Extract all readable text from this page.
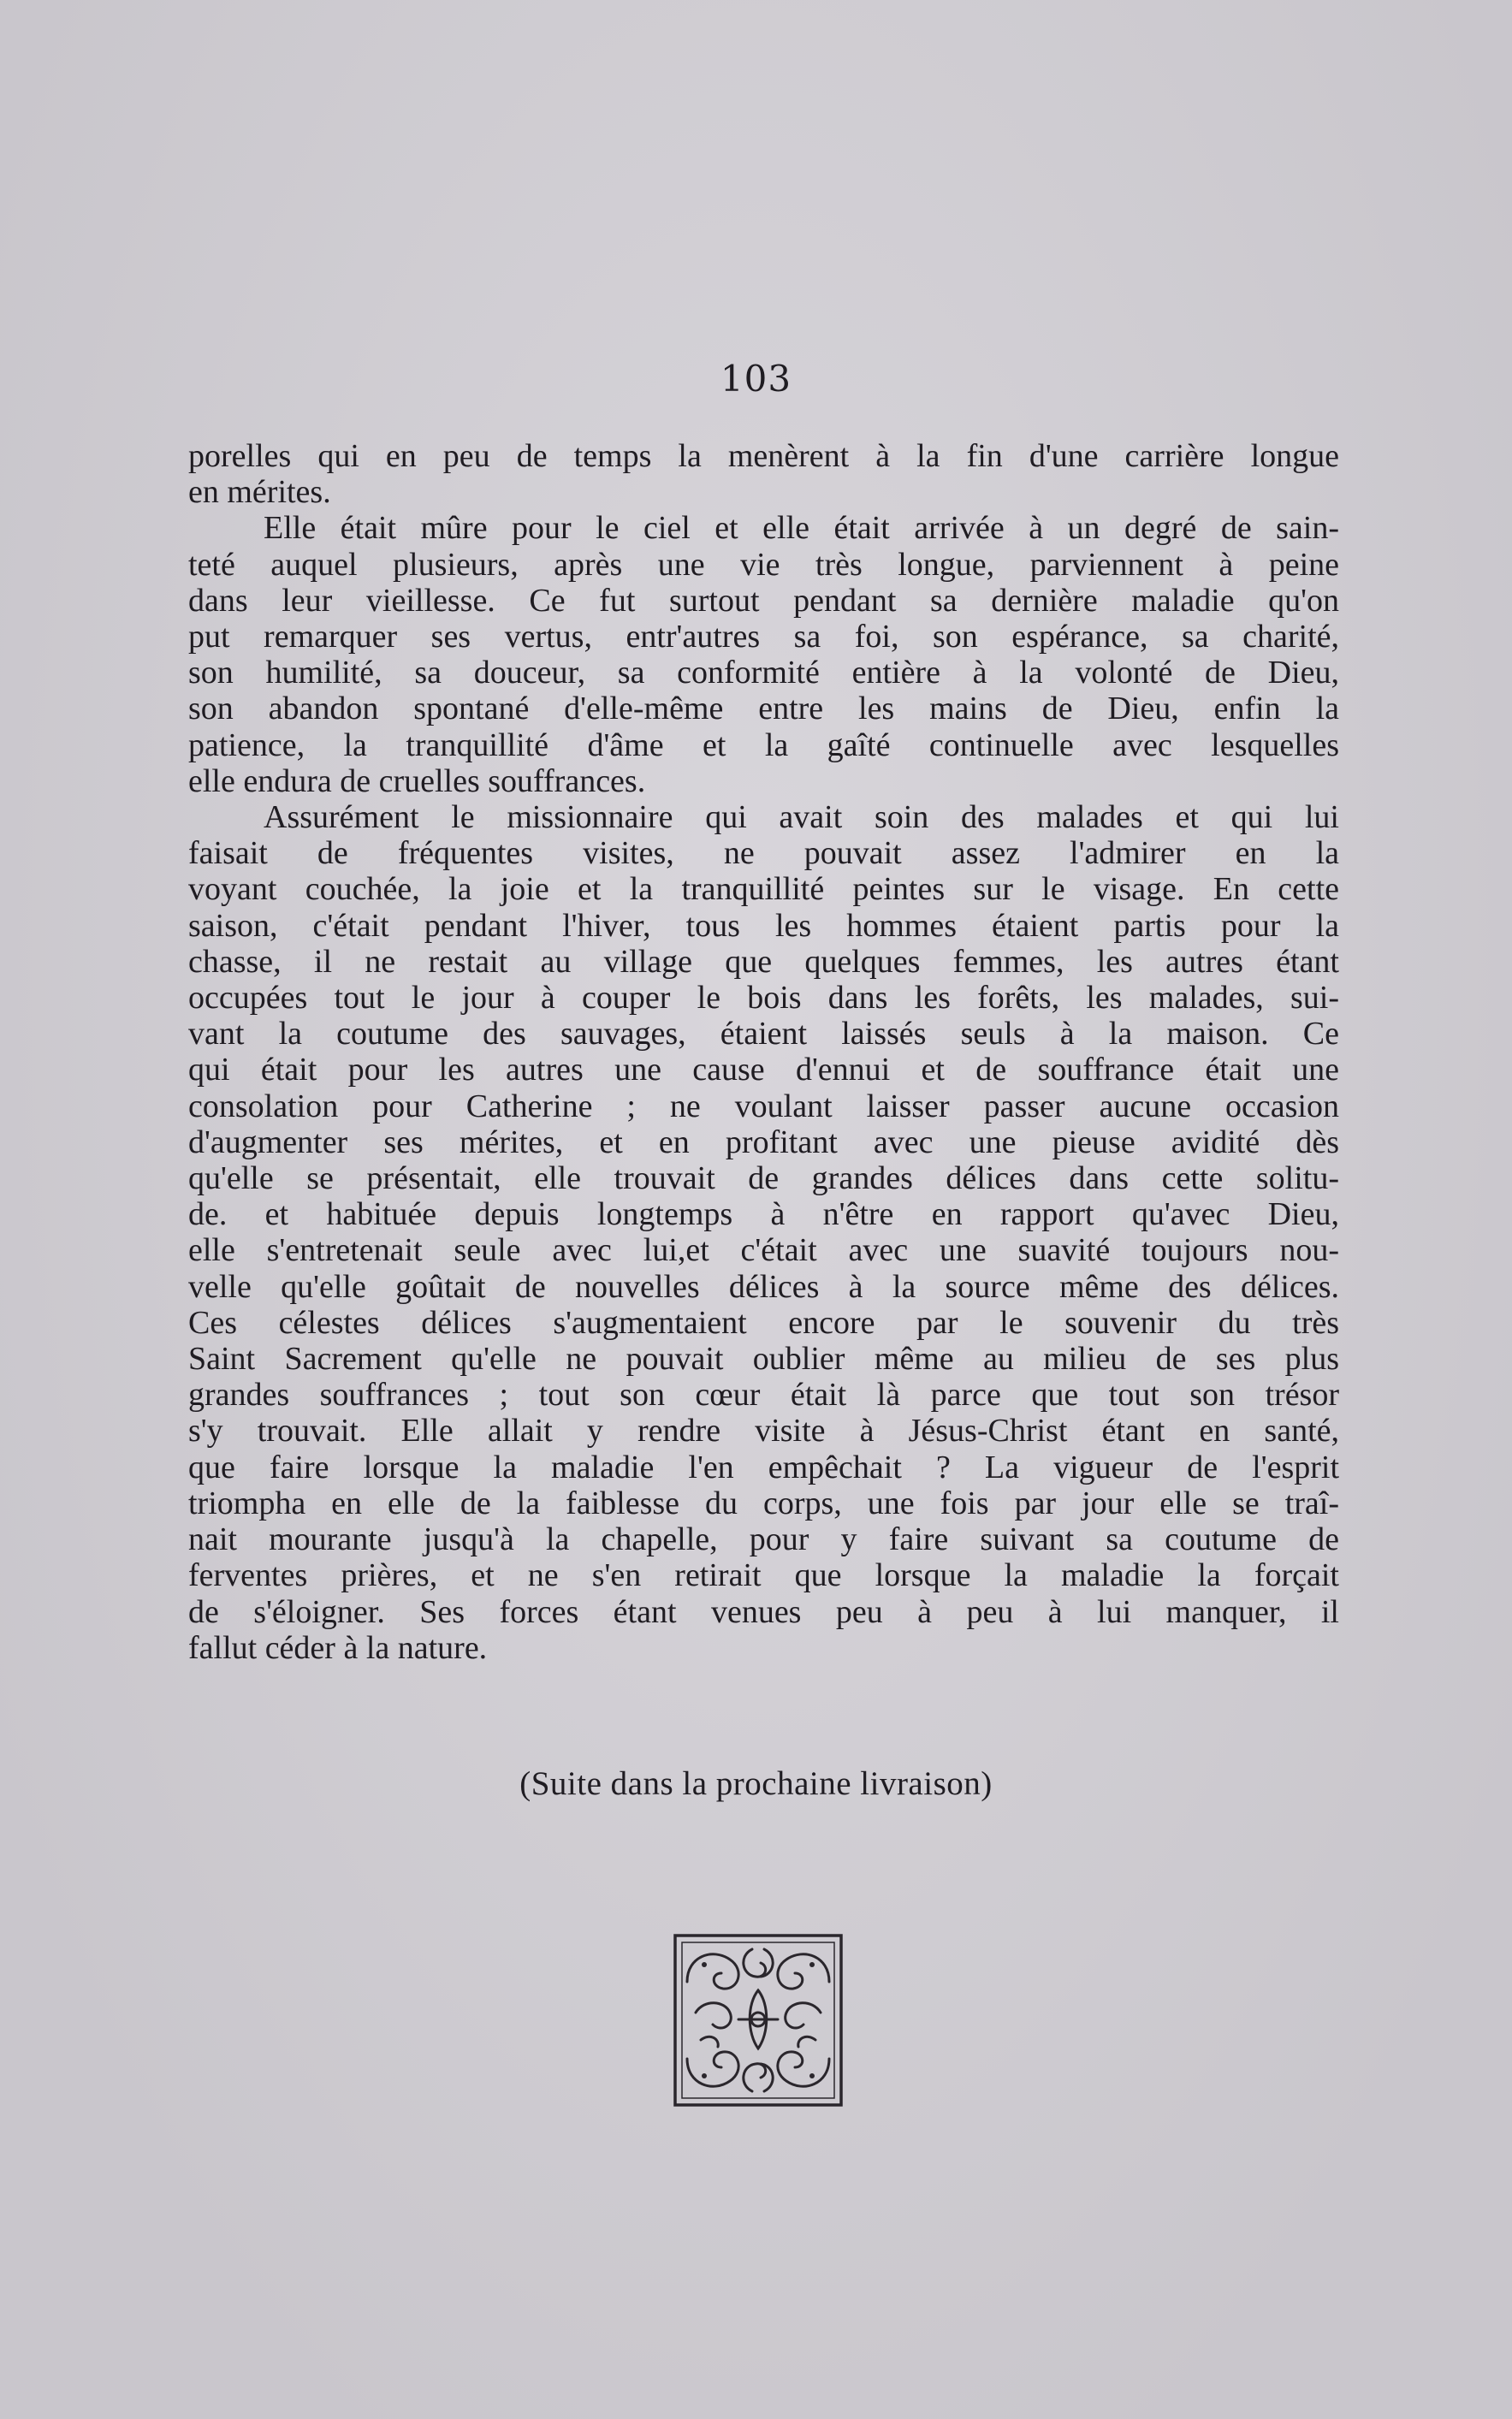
103
porelles qui en peu de temps la menèrent à la fin d'une carrière longue
en mérites.
Elle était mûre pour le ciel et elle était arrivée à un degré de sain-
teté auquel plusieurs, après une vie très longue, parviennent à peine
dans leur vieillesse. Ce fut surtout pendant sa dernière maladie qu'on
put remarquer ses vertus, entr'autres sa foi, son espérance, sa charité,
son humilité, sa douceur, sa conformité entière à la volonté de Dieu,
son abandon spontané d'elle-même entre les mains de Dieu, enfin la
patience, la tranquillité d'âme et la gaîté continuelle avec lesquelles
elle endura de cruelles souffrances.
Assurément le missionnaire qui avait soin des malades et qui lui
faisait de fréquentes visites, ne pouvait assez l'admirer en la
voyant couchée, la joie et la tranquillité peintes sur le visage. En cette
saison, c'était pendant l'hiver, tous les hommes étaient partis pour la
chasse, il ne restait au village que quelques femmes, les autres étant
occupées tout le jour à couper le bois dans les forêts, les malades, sui-
vant la coutume des sauvages, étaient laissés seuls à la maison. Ce
qui était pour les autres une cause d'ennui et de souffrance était une
consolation pour Catherine ; ne voulant laisser passer aucune occasion
d'augmenter ses mérites, et en profitant avec une pieuse avidité dès
qu'elle se présentait, elle trouvait de grandes délices dans cette solitu-
de. et habituée depuis longtemps à n'être en rapport qu'avec Dieu,
elle s'entretenait seule avec lui,et c'était avec une suavité toujours nou-
velle qu'elle goûtait de nouvelles délices à la source même des délices.
Ces célestes délices s'augmentaient encore par le souvenir du très
Saint Sacrement qu'elle ne pouvait oublier même au milieu de ses plus
grandes souffrances ; tout son cœur était là parce que tout son trésor
s'y trouvait. Elle allait y rendre visite à Jésus-Christ étant en santé,
que faire lorsque la maladie l'en empêchait ? La vigueur de l'esprit
triompha en elle de la faiblesse du corps, une fois par jour elle se traî-
nait mourante jusqu'à la chapelle, pour y faire suivant sa coutume de
ferventes prières, et ne s'en retirait que lorsque la maladie la forçait
de s'éloigner. Ses forces étant venues peu à peu à lui manquer, il
fallut céder à la nature.
(Suite dans la prochaine livraison)
